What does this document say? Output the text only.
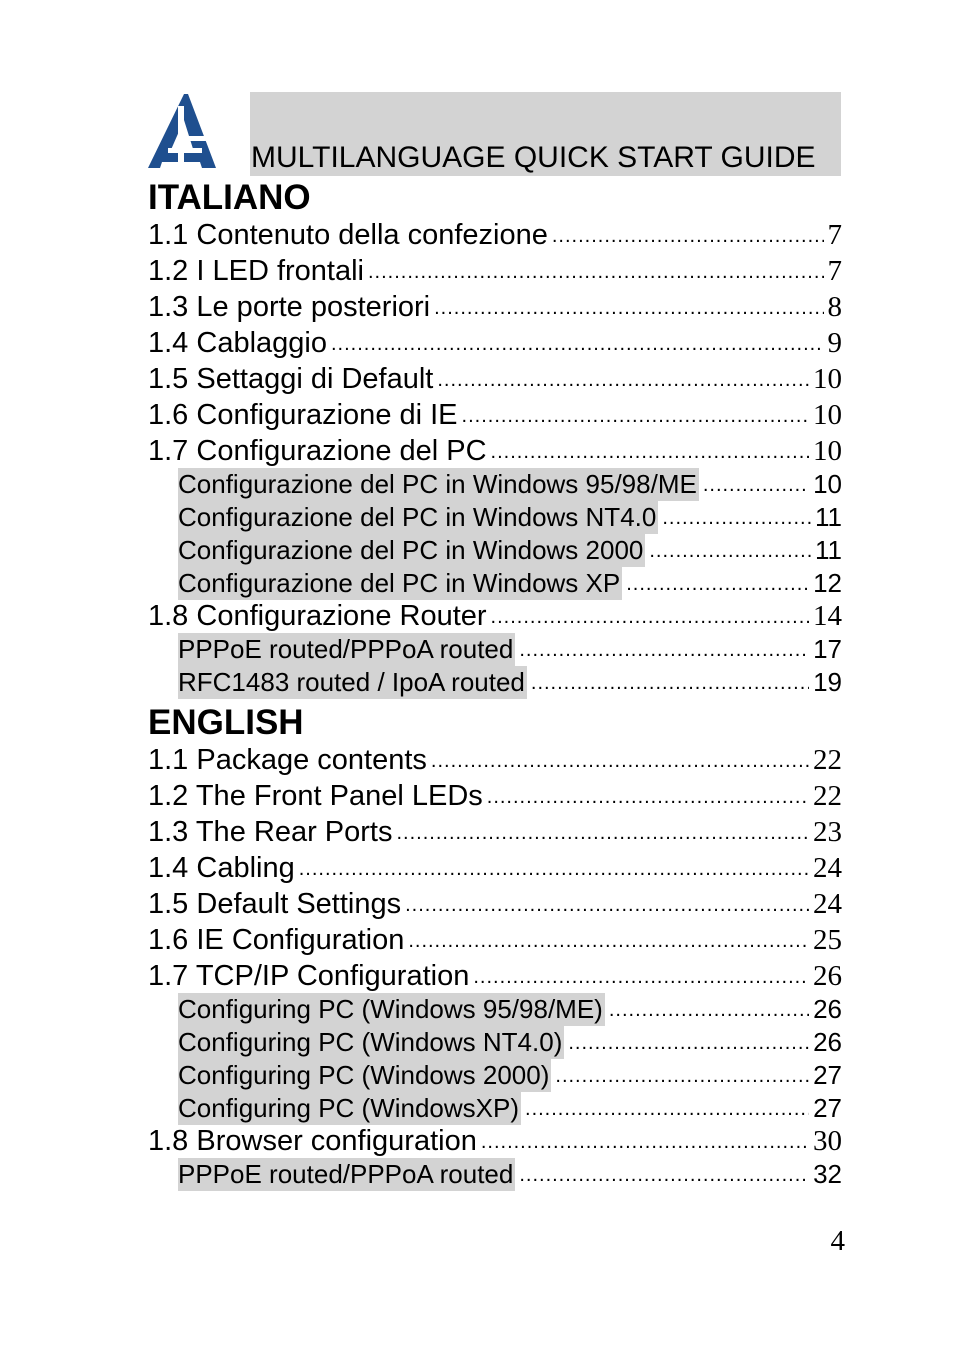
MULTILANGUAGE QUICK START GUIDE
ITALIANO
1.1 Contenuto della confezione .....	7
1.2 I LED frontali .....	7
1.3 Le porte posteriori .....	8
1.4 Cablaggio .....	9
1.5 Settaggi di Default .....	10
1.6 Configurazione di IE .....	10
1.7 Configurazione del PC .....	10
Configurazione del PC in Windows 95/98/ME .....	10
Configurazione del PC in Windows NT4.0 .....	11
Configurazione del PC in Windows 2000 .....	11
Configurazione del PC in Windows XP .....	12
1.8 Configurazione Router .....	14
PPPoE routed/PPPoA routed .....	17
RFC1483 routed / IpoA routed .....	19
ENGLISH
1.1 Package contents .....	22
1.2 The Front Panel LEDs .....	22
1.3 The Rear Ports .....	23
1.4 Cabling .....	24
1.5 Default Settings .....	24
1.6 IE Configuration .....	25
1.7 TCP/IP Configuration .....	26
Configuring PC (Windows 95/98/ME) .....	26
Configuring PC (Windows NT4.0) .....	26
Configuring PC (Windows 2000) .....	27
Configuring PC (WindowsXP) .....	27
1.8 Browser configuration .....	30
PPPoE routed/PPPoA routed .....	32
4
